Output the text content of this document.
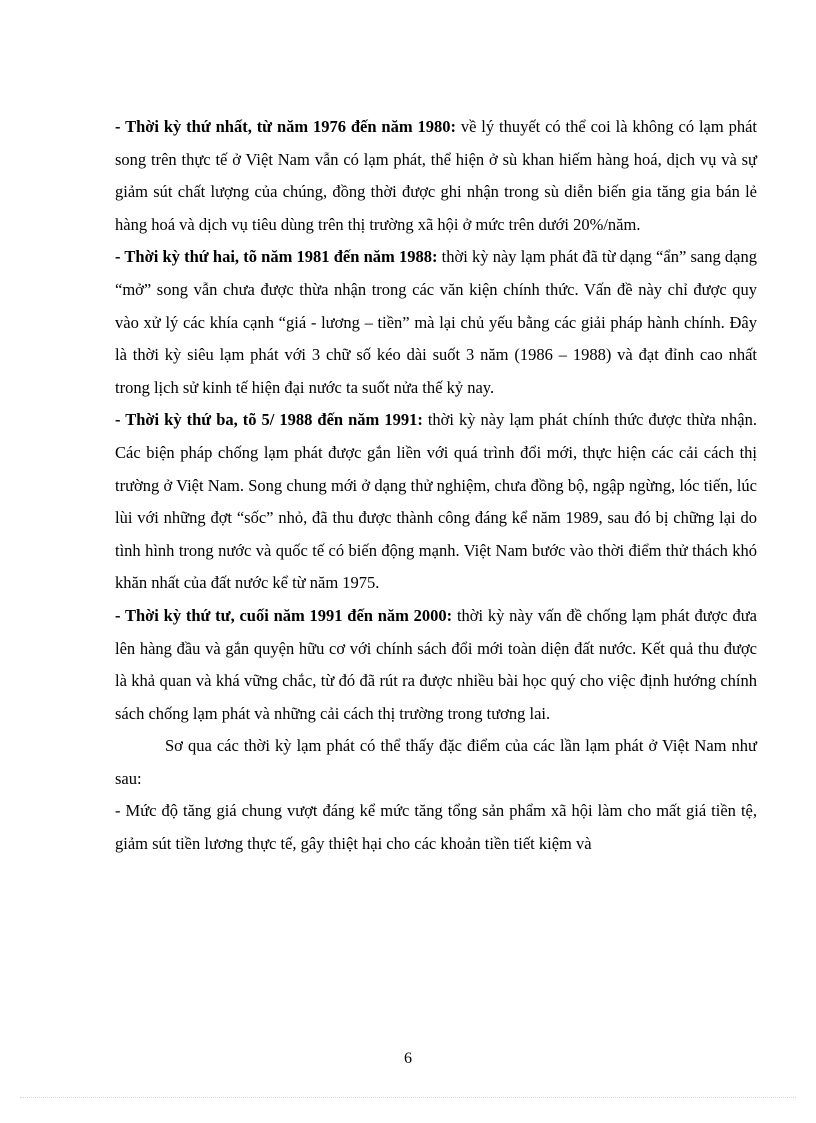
- Thời kỳ thứ nhất, từ năm 1976 đến năm 1980: về lý thuyết có thể coi là không có lạm phát song trên thực tế ở Việt Nam vẫn có lạm phát, thể hiện ở sù khan hiếm hàng hoá, dịch vụ và sự giảm sút chất lượng của chúng, đồng thời được ghi nhận trong sù diễn biến gia tăng gia bán lẻ hàng hoá và dịch vụ tiêu dùng trên thị trường xã hội ở mức trên dưới 20%/năm.

- Thời kỳ thứ hai, tõ năm 1981 đến năm 1988: thời kỳ này lạm phát đã từ dạng “ẩn” sang dạng “mở” song vẫn chưa được thừa nhận trong các văn kiện chính thức. Vấn đề này chỉ được quy vào xử lý các khía cạnh “giá - lương – tiền” mà lại chủ yếu bằng các giải pháp hành chính. Đây là thời kỳ siêu lạm phát với 3 chữ số kéo dài suốt 3 năm (1986 – 1988) và đạt đỉnh cao nhất trong lịch sử kinh tế hiện đại nước ta suốt nửa thế kỷ nay.

- Thời kỳ thứ ba, tõ 5/ 1988 đến năm 1991: thời kỳ này lạm phát chính thức được thừa nhận. Các biện pháp chống lạm phát được gắn liền với quá trình đổi mới, thực hiện các cải cách thị trường ở Việt Nam. Song chung mới ở dạng thử nghiệm, chưa đồng bộ, ngập ngừng, lóc tiến, lúc lùi với những đợt “sốc” nhỏ, đã thu được thành công đáng kể năm 1989, sau đó bị chững lại do tình hình trong nước và quốc tế có biến động mạnh. Việt Nam bước vào thời điểm thử thách khó khăn nhất của đất nước kể từ năm 1975.

- Thời kỳ thứ tư, cuối năm 1991 đến năm 2000: thời kỳ này vấn đề chống lạm phát được đưa lên hàng đầu và gắn quyện hữu cơ với chính sách đổi mới toàn diện đất nước. Kết quả thu được là khả quan và khá vững chắc, từ đó đã rút ra được nhiều bài học quý cho việc định hướng chính sách chống lạm phát và những cải cách thị trường trong tương lai.

Sơ qua các thời kỳ lạm phát có thể thấy đặc điểm của các lần lạm phát ở Việt Nam như sau:

- Mức độ tăng giá chung vượt đáng kể mức tăng tổng sản phẩm xã hội làm cho mất giá tiền tệ, giảm sút tiền lương thực tế, gây thiệt hại cho các khoản tiền tiết kiệm và

6
